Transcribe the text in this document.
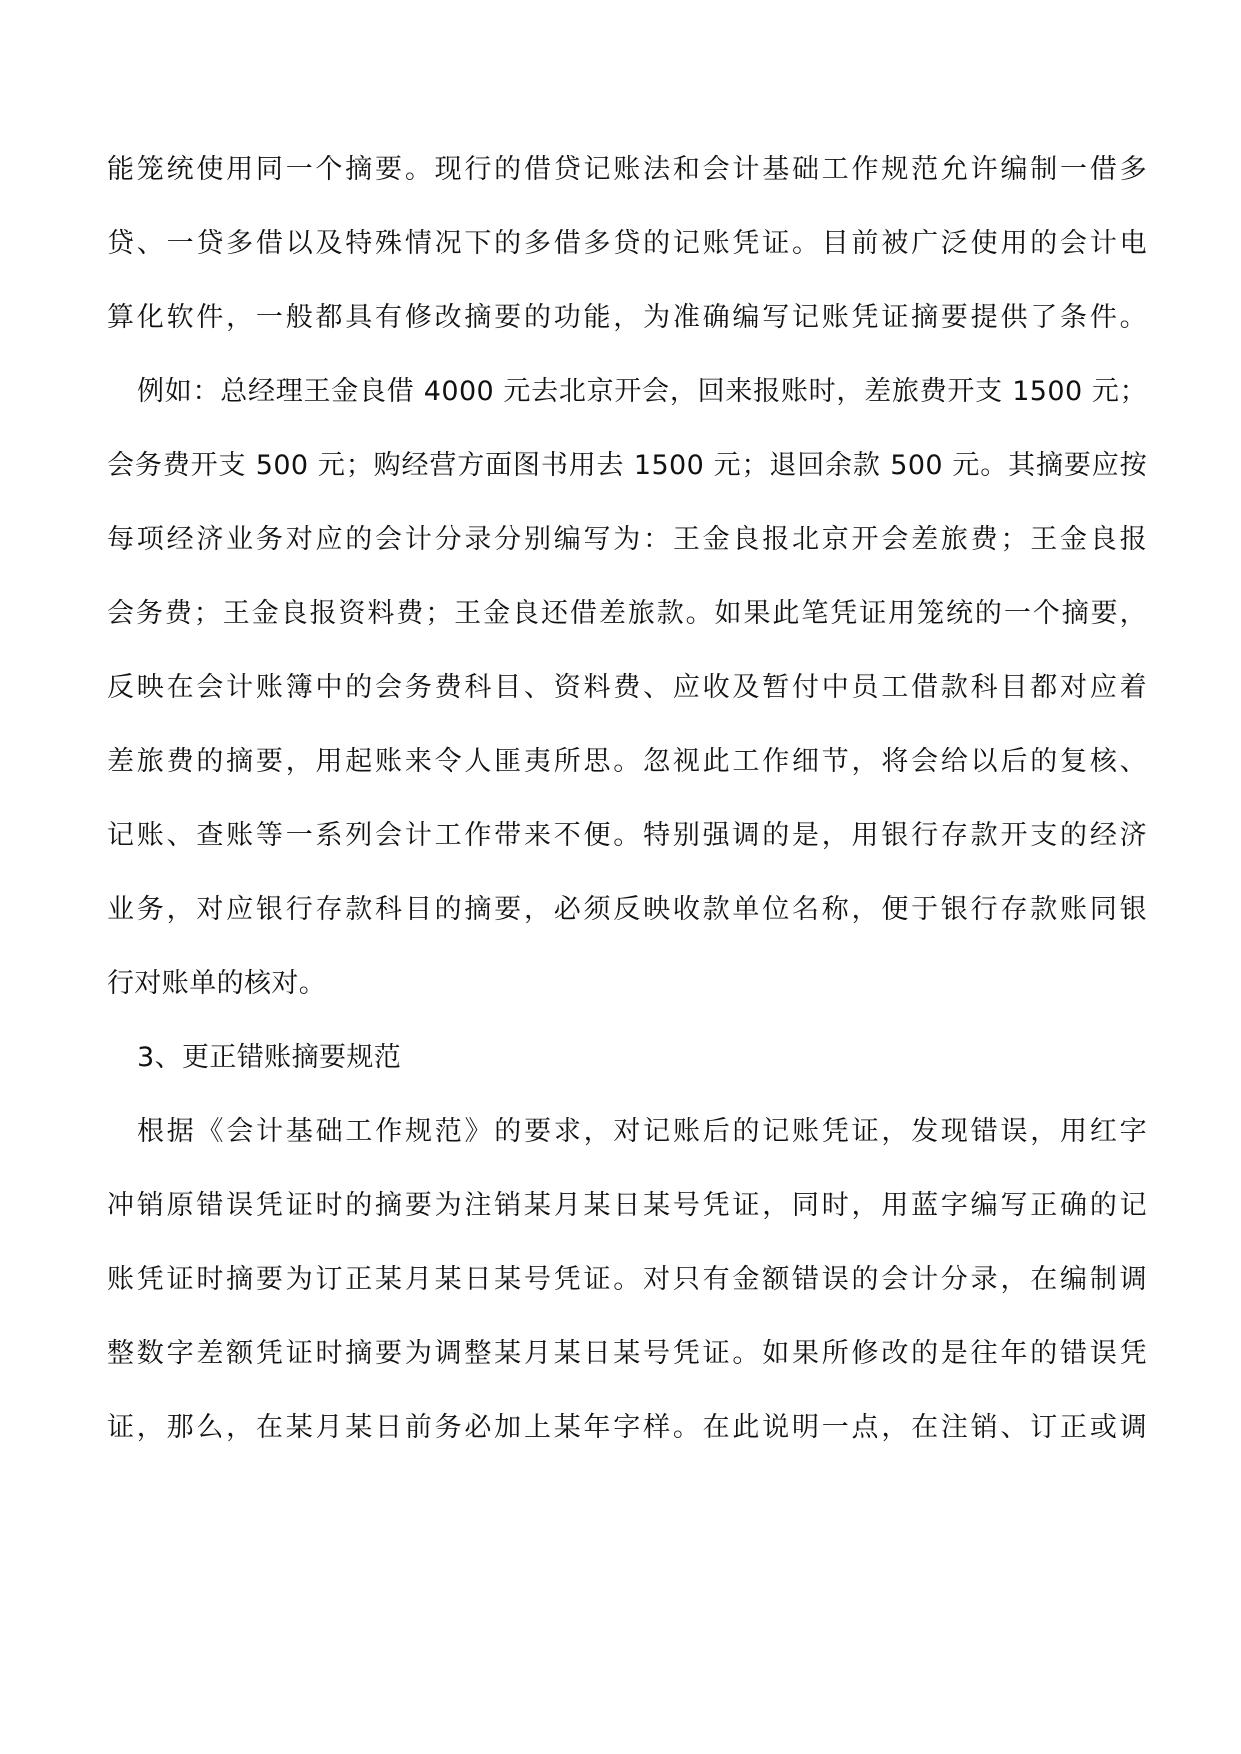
能笼统使用同一个摘要。现行的借贷记账法和会计基础工作规范允许编制一借多
贷、一贷多借以及特殊情况下的多借多贷的记账凭证。目前被广泛使用的会计电
算化软件，一般都具有修改摘要的功能，为准确编写记账凭证摘要提供了条件。
例如：总经理王金良借 4000 元去北京开会，回来报账时，差旅费开支 1500 元；
会务费开支 500 元；购经营方面图书用去 1500 元；退回余款 500 元。其摘要应按
每项经济业务对应的会计分录分别编写为：王金良报北京开会差旅费；王金良报
会务费；王金良报资料费；王金良还借差旅款。如果此笔凭证用笼统的一个摘要，
反映在会计账簿中的会务费科目、资料费、应收及暂付中员工借款科目都对应着
差旅费的摘要，用起账来令人匪夷所思。忽视此工作细节，将会给以后的复核、
记账、查账等一系列会计工作带来不便。特别强调的是，用银行存款开支的经济
业务，对应银行存款科目的摘要，必须反映收款单位名称，便于银行存款账同银
行对账单的核对。
3、更正错账摘要规范
根据《会计基础工作规范》的要求，对记账后的记账凭证，发现错误，用红字
冲销原错误凭证时的摘要为注销某月某日某号凭证，同时，用蓝字编写正确的记
账凭证时摘要为订正某月某日某号凭证。对只有金额错误的会计分录，在编制调
整数字差额凭证时摘要为调整某月某日某号凭证。如果所修改的是往年的错误凭
证，那么，在某月某日前务必加上某年字样。在此说明一点，在注销、订正或调
